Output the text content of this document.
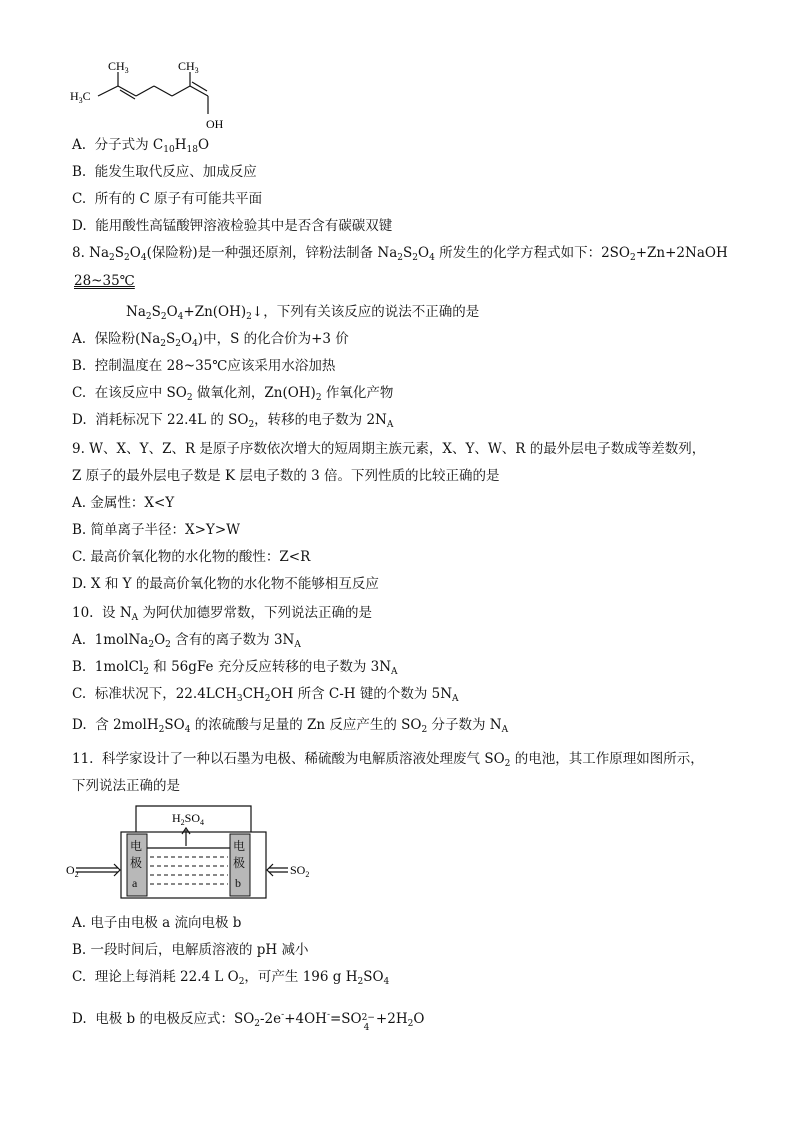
$CH_3$	$CH_3$
$H_3C$
OH
A.  分子式为 $C_{10}H_{18}O$
B.  能发生取代反应、加成反应
C.  所有的 C 原子有可能共平面
D.  能用酸性高锰酸钾溶液检验其中是否含有碳碳双键
8. $Na_2S_2O_4$(保险粉)是一种强还原剂，锌粉法制备 $Na_2S_2O_4$ 所发生的化学方程式如下：$2SO_2+Zn+2NaOH$
28~35℃
$Na_2S_2O_4+Zn(OH)_2↓$，下列有关该反应的说法不正确的是
A.  保险粉$(Na_2S_2O_4)$中，S 的化合价为+3 价
B.  控制温度在 28~35℃应该采用水浴加热
C.  在该反应中 $SO_2$ 做氧化剂，$Zn(OH)_2$ 作氧化产物
D.  消耗标况下 22.4L 的 $SO_2$，转移的电子数为 $2N_A$
9. W、X、Y、Z、R 是原子序数依次增大的短周期主族元素，X、Y、W、R 的最外层电子数成等差数列，
Z 原子的最外层电子数是 K 层电子数的 3 倍。下列性质的比较正确的是
A. 金属性：X<Y
B. 简单离子半径：X>Y>W
C. 最高价氧化物的水化物的酸性：Z<R
D. X 和 Y 的最高价氧化物的水化物不能够相互反应
10.  设 $N_A$ 为阿伏加德罗常数，下列说法正确的是
A.  $1molNa_2O_2$ 含有的离子数为 $3N_A$
B.  1molCl$_2$ 和 56gFe 充分反应转移的电子数为 $3N_A$
C.  标准状况下，$22.4LCH_3CH_2OH$ 所含 C-H 键的个数为 $5N_A$
D.  含 $2molH_2SO_4$ 的浓硫酸与足量的 Zn 反应产生的 $SO_2$ 分子数为 $N_A$
11.  科学家设计了一种以石墨为电极、稀硫酸为电解质溶液处理废气 $SO_2$ 的电池，其工作原理如图所示，
下列说法正确的是
$H_2SO_4$
$O_2$	$SO_2$
电
极
a
电
极
b
A. 电子由电极 a 流向电极 b
B. 一段时间后，电解质溶液的 pH 减小
C.  理论上每消耗 22.4 L $O_2$，可产生 196 g $H_2SO_4$
D.  电极 b 的电极反应式：$SO_2-2e^-+4OH^-=SO$ 2−
4
$+2H_2O$
